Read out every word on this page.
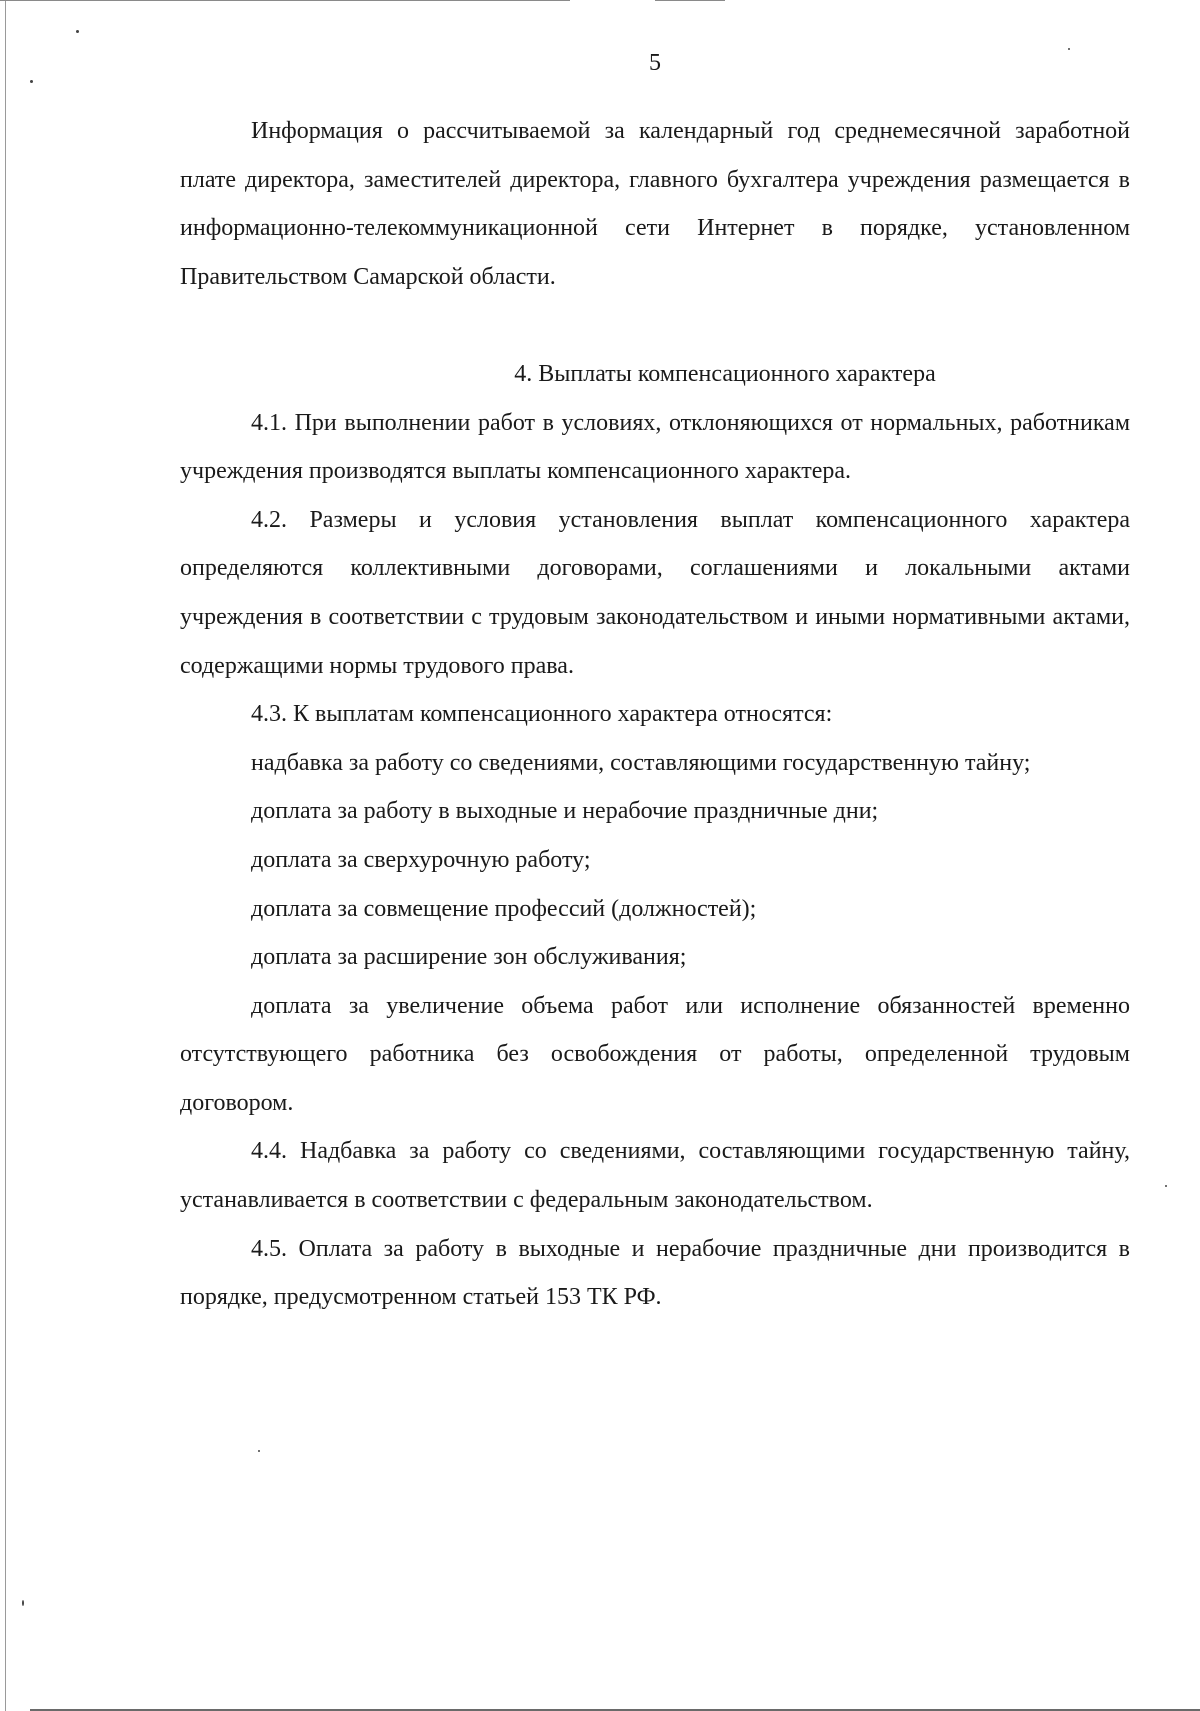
5

Информация о рассчитываемой за календарный год среднемесячной заработной плате директора, заместителей директора, главного бухгалтера учреждения размещается в информационно-телекоммуникационной сети Интернет в порядке, установленном Правительством Самарской области.

4. Выплаты компенсационного характера

4.1. При выполнении работ в условиях, отклоняющихся от нормальных, работникам учреждения производятся выплаты компенсационного характера.

4.2. Размеры и условия установления выплат компенсационного характера определяются коллективными договорами, соглашениями и локальными актами учреждения в соответствии с трудовым законодательством и иными нормативными актами, содержащими нормы трудового права.

4.3. К выплатам компенсационного характера относятся:

надбавка за работу со сведениями, составляющими государственную тайну;

доплата за работу в выходные и нерабочие праздничные дни;

доплата за сверхурочную работу;

доплата за совмещение профессий (должностей);

доплата за расширение зон обслуживания;

доплата за увеличение объема работ или исполнение обязанностей временно отсутствующего работника без освобождения от работы, определенной трудовым договором.

4.4. Надбавка за работу со сведениями, составляющими государственную тайну, устанавливается в соответствии с федеральным законодательством.

4.5. Оплата за работу в выходные и нерабочие праздничные дни производится в порядке, предусмотренном статьей 153 ТК РФ.
